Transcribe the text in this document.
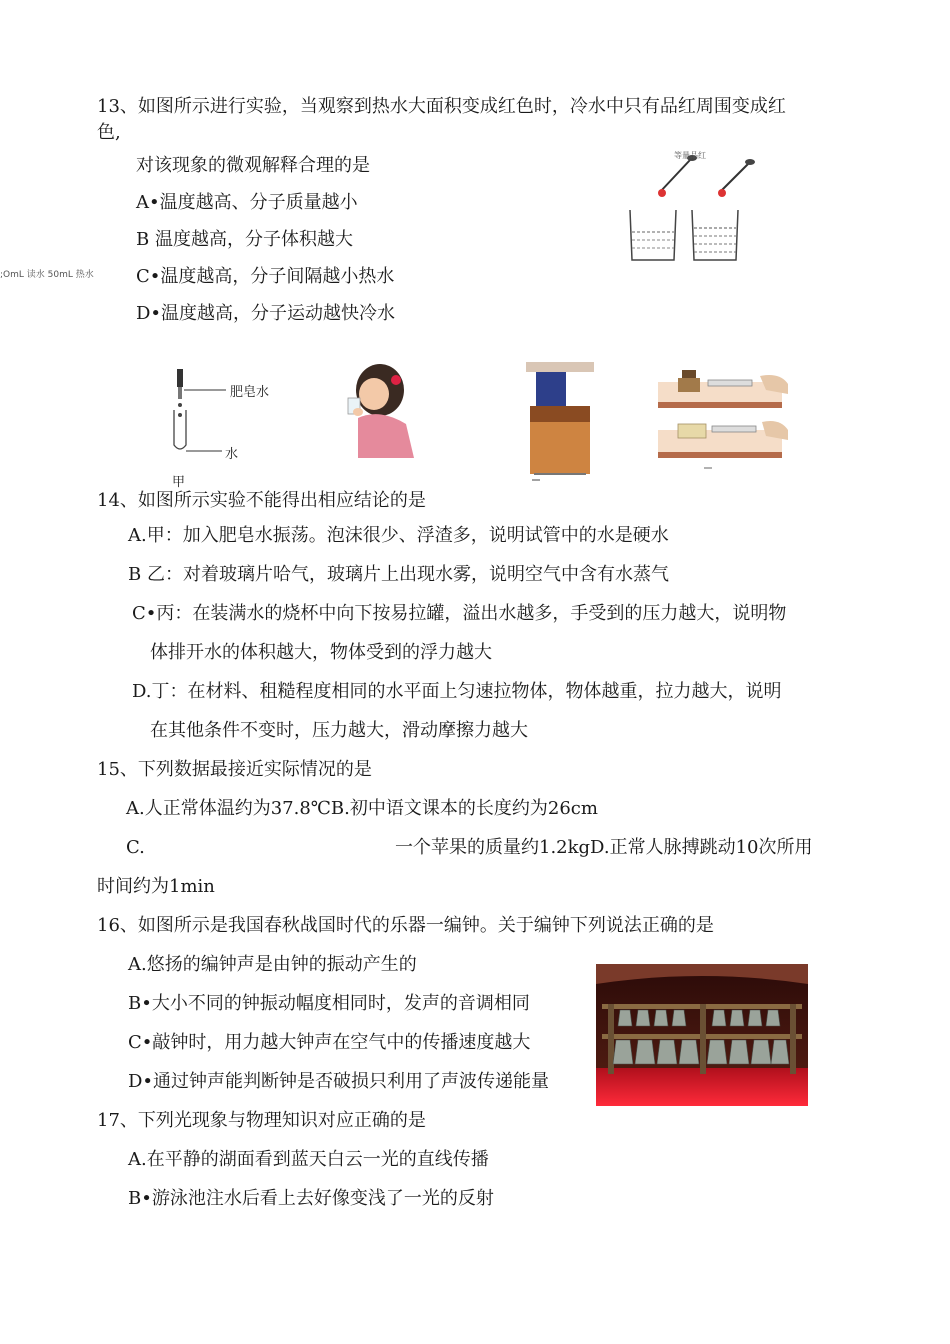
13、如图所示进行实验，当观察到热水大面积变成红色时，冷水中只有品红周围变成红
色,
对该现象的微观解释合理的是
A•温度越高、分子质量越小
B 温度越高，分子体积越大
;OmL 读水 50mL 热水 C•温度越高，分子间隔越小热水
D•温度越高，分子运动越快冷水
等量品红
肥皂水
水
甲
14、如图所示实验不能得出相应结论的是
A.甲：加入肥皂水振荡。泡沫很少、浮渣多，说明试管中的水是硬水
B 乙：对着玻璃片哈气，玻璃片上出现水雾，说明空气中含有水蒸气
C•丙：在装满水的烧杯中向下按易拉罐，溢出水越多，手受到的压力越大，说明物
体排开水的体积越大，物体受到的浮力越大
D.丁：在材料、租糙程度相同的水平面上匀速拉物体，物体越重，拉力越大，说明
在其他条件不变时，压力越大，滑动摩擦力越大
15、下列数据最接近实际情况的是
A.人正常体温约为37.8℃B.初中语文课本的长度约为26cm
C.	一个苹果的质量约1.2kgD.正常人脉搏跳动10次所用
时间约为1min
16、如图所示是我国春秋战国时代的乐器一编钟。关于编钟下列说法正确的是
A.悠扬的编钟声是由钟的振动产生的
B•大小不同的钟振动幅度相同时，发声的音调相同
C•敲钟时，用力越大钟声在空气中的传播速度越大
D•通过钟声能判断钟是否破损只利用了声波传递能量
17、下列光现象与物理知识对应正确的是
A.在平静的湖面看到蓝天白云一光的直线传播
B•游泳池注水后看上去好像变浅了一光的反射
